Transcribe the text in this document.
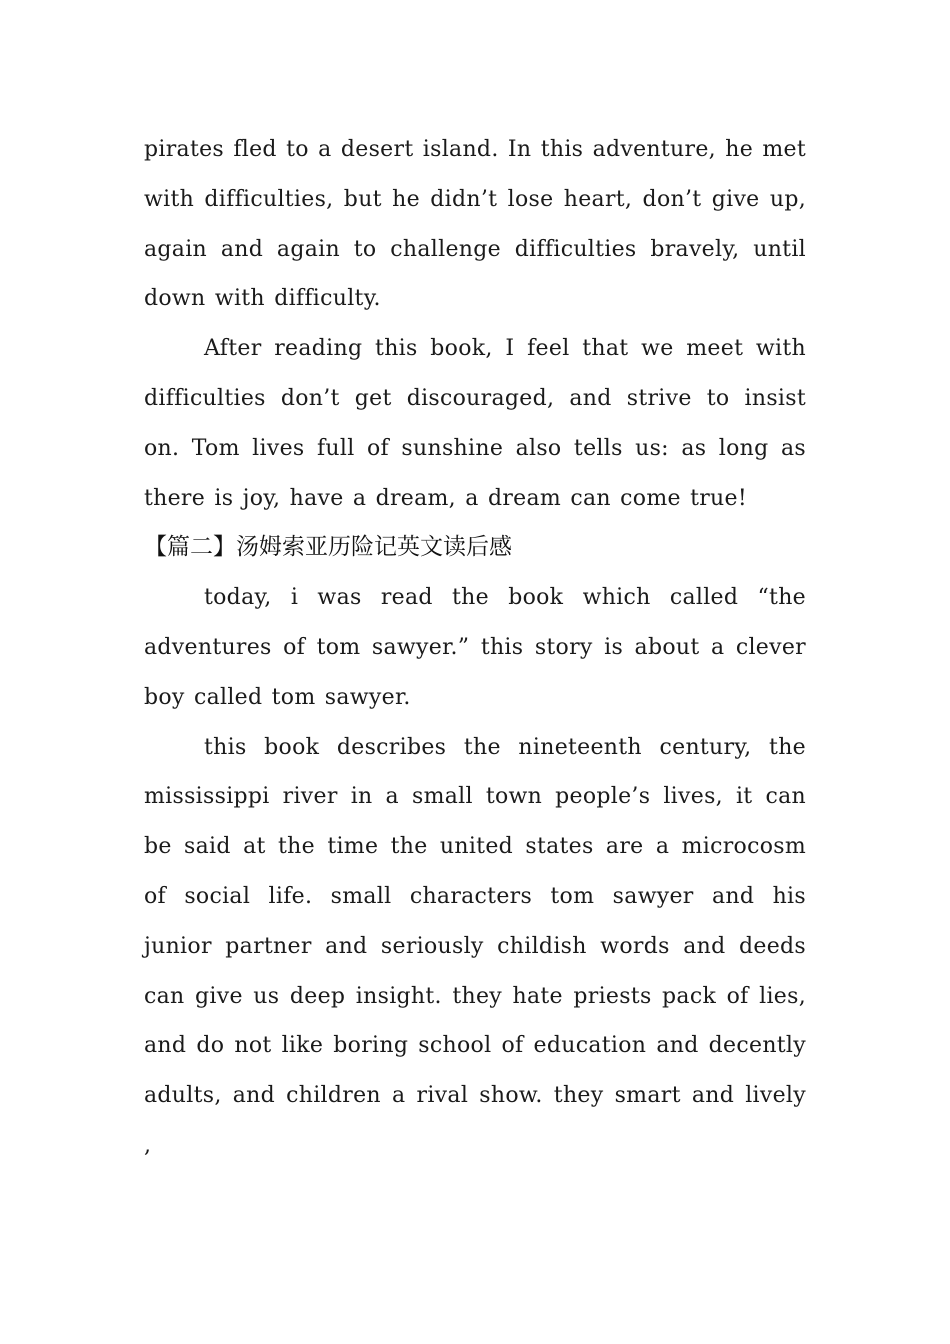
pirates fled to a desert island. In this adventure, he met with difficulties, but he didn’t lose heart, don’t give up, again and again to challenge difficulties bravely, until down with difficulty.

After reading this book, I feel that we meet with difficulties don’t get discouraged, and strive to insist on. Tom lives full of sunshine also tells us: as long as there is joy, have a dream, a dream can come true!

【篇二】汤姆索亚历险记英文读后感

today, i was read the book which called “the adventures of tom sawyer.” this story is about a clever boy called tom sawyer.

this book describes the nineteenth century, the mississippi river in a small town people’s lives, it can be said at the time the united states are a microcosm of social life. small characters tom sawyer and his junior partner and seriously childish words and deeds can give us deep insight. they hate priests pack of lies, and do not like boring school of education and decently adults, and children a rival show. they smart and lively ,
